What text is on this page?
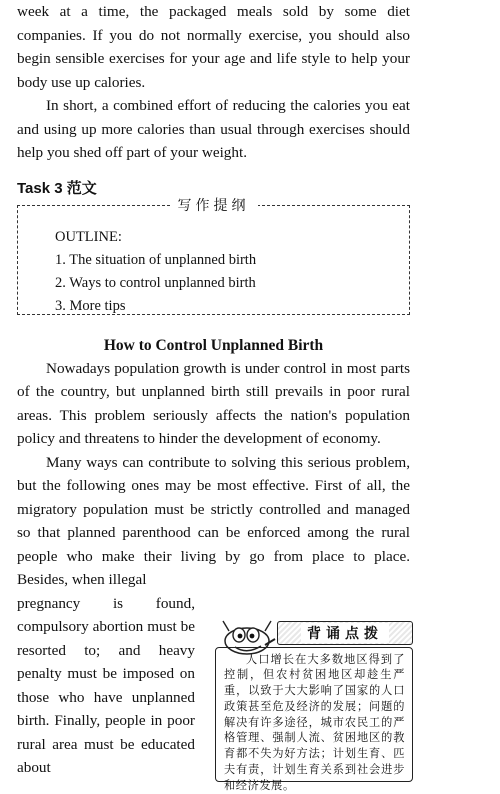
week at a time, the packaged meals sold by some diet companies. If you do not normally exercise, you should also begin sensible exercises for your age and life style to help your body use up calories.

In short, a combined effort of reducing the calories you eat and using up more calories than usual through exercises should help you shed off part of your weight.

Task 3 范文
写作提纲
OUTLINE:
1. The situation of unplanned birth
2. Ways to control unplanned birth
3. More tips
How to Control Unplanned Birth

Nowadays population growth is under control in most parts of the country, but unplanned birth still prevails in poor rural areas. This problem seriously affects the nation's population policy and threatens to hinder the development of economy.

Many ways can contribute to solving this serious problem, but the following ones may be most effective. First of all, the migratory population must be strictly controlled and managed so that planned parenthood can be enforced among the rural people who make their living by go from place to place. Besides, when illegal

pregnancy is found, compulsory abortion must be resorted to; and heavy penalty must be imposed on those who have unplanned birth. Finally, people in poor rural area must be educated about

背诵点拨
人口增长在大多数地区得到了控制，但农村贫困地区却趁生严重，以致于大大影响了国家的人口政策甚至危及经济的发展；问题的解决有许多途径，城市农民工的严格管理、强制人流、贫困地区的教育都不失为好方法；计划生育、匹夫有责，计划生育关系到社会进步和经济发展。
